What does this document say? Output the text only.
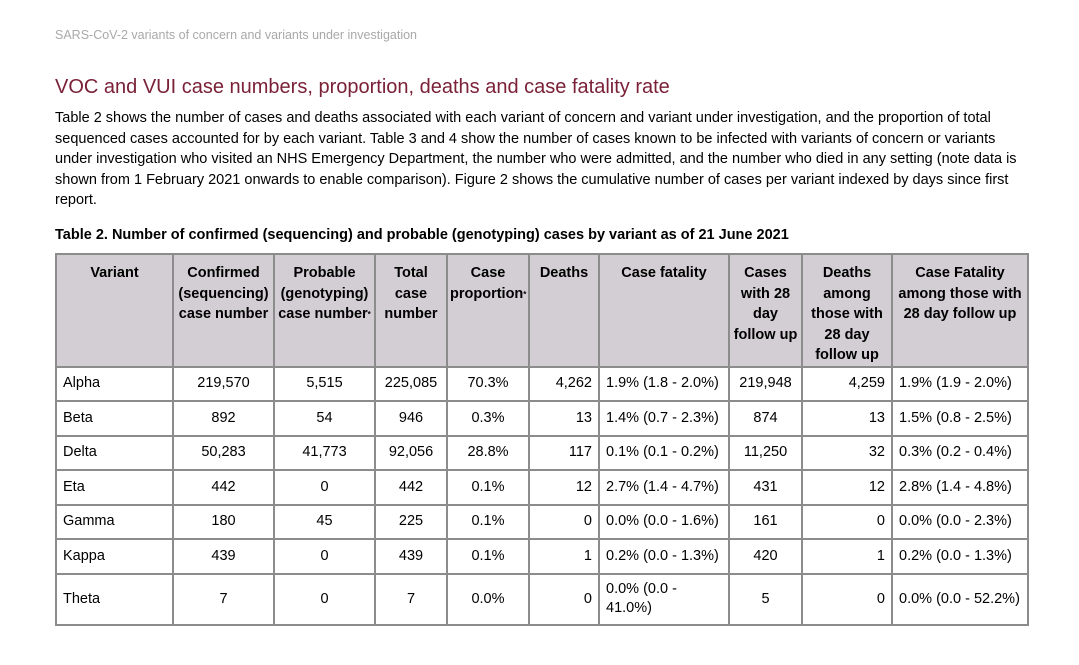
SARS-CoV-2 variants of concern and variants under investigation
VOC and VUI case numbers, proportion, deaths and case fatality rate

Table 2 shows the number of cases and deaths associated with each variant of concern and variant under investigation, and the proportion of total sequenced cases accounted for by each variant. Table 3 and 4 show the number of cases known to be infected with variants of concern or variants under investigation who visited an NHS Emergency Department, the number who were admitted, and the number who died in any setting (note data is shown from 1 February 2021 onwards to enable comparison). Figure 2 shows the cumulative number of cases per variant indexed by days since first report.

Table 2. Number of confirmed (sequencing) and probable (genotyping) cases by variant as of 21 June 2021

Variant	Confirmed (sequencing) case number	Probable (genotyping) case number*	Total case number	Case proportion*	Deaths	Case fatality	Cases with 28 day follow up	Deaths among those with 28 day follow up	Case Fatality among those with 28 day follow up
Alpha	219,570	5,515	225,085	70.3%	4,262	1.9% (1.8 - 2.0%)	219,948	4,259	1.9% (1.9 - 2.0%)
Beta	892	54	946	0.3%	13	1.4% (0.7 - 2.3%)	874	13	1.5% (0.8 - 2.5%)
Delta	50,283	41,773	92,056	28.8%	117	0.1% (0.1 - 0.2%)	11,250	32	0.3% (0.2 - 0.4%)
Eta	442	0	442	0.1%	12	2.7% (1.4 - 4.7%)	431	12	2.8% (1.4 - 4.8%)
Gamma	180	45	225	0.1%	0	0.0% (0.0 - 1.6%)	161	0	0.0% (0.0 - 2.3%)
Kappa	439	0	439	0.1%	1	0.2% (0.0 - 1.3%)	420	1	0.2% (0.0 - 1.3%)
Theta	7	0	7	0.0%	0	0.0% (0.0 - 41.0%)	5	0	0.0% (0.0 - 52.2%)
